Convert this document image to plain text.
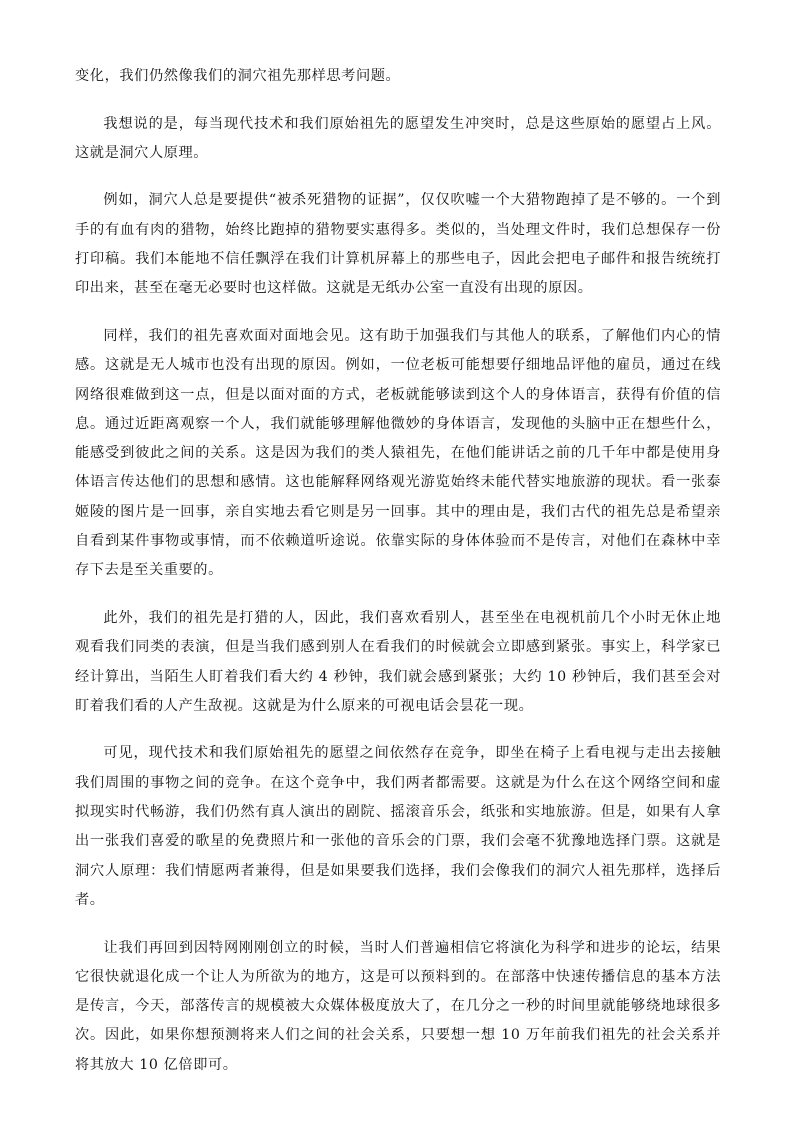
变化，我们仍然像我们的洞穴祖先那样思考问题。

我想说的是，每当现代技术和我们原始祖先的愿望发生冲突时，总是这些原始的愿望占上风。这就是洞穴人原理。

例如，洞穴人总是要提供“被杀死猎物的证据”，仅仅吹嘘一个大猎物跑掉了是不够的。一个到手的有血有肉的猎物，始终比跑掉的猎物要实惠得多。类似的，当处理文件时，我们总想保存一份打印稿。我们本能地不信任飘浮在我们计算机屏幕上的那些电子，因此会把电子邮件和报告统统打印出来，甚至在毫无必要时也这样做。这就是无纸办公室一直没有出现的原因。

同样，我们的祖先喜欢面对面地会见。这有助于加强我们与其他人的联系，了解他们内心的情感。这就是无人城市也没有出现的原因。例如，一位老板可能想要仔细地品评他的雇员，通过在线网络很难做到这一点，但是以面对面的方式，老板就能够读到这个人的身体语言，获得有价值的信息。通过近距离观察一个人，我们就能够理解他微妙的身体语言，发现他的头脑中正在想些什么，能感受到彼此之间的关系。这是因为我们的类人猿祖先，在他们能讲话之前的几千年中都是使用身体语言传达他们的思想和感情。这也能解释网络观光游览始终未能代替实地旅游的现状。看一张泰姬陵的图片是一回事，亲自实地去看它则是另一回事。其中的理由是，我们古代的祖先总是希望亲自看到某件事物或事情，而不依赖道听途说。依靠实际的身体体验而不是传言，对他们在森林中幸存下去是至关重要的。

此外，我们的祖先是打猎的人，因此，我们喜欢看别人，甚至坐在电视机前几个小时无休止地观看我们同类的表演，但是当我们感到别人在看我们的时候就会立即感到紧张。事实上，科学家已经计算出，当陌生人盯着我们看大约 4 秒钟，我们就会感到紧张；大约 10 秒钟后，我们甚至会对盯着我们看的人产生敌视。这就是为什么原来的可视电话会昙花一现。

可见，现代技术和我们原始祖先的愿望之间依然存在竞争，即坐在椅子上看电视与走出去接触我们周围的事物之间的竞争。在这个竞争中，我们两者都需要。这就是为什么在这个网络空间和虚拟现实时代畅游，我们仍然有真人演出的剧院、摇滚音乐会，纸张和实地旅游。但是，如果有人拿出一张我们喜爱的歌星的免费照片和一张他的音乐会的门票，我们会毫不犹豫地选择门票。这就是洞穴人原理：我们情愿两者兼得，但是如果要我们选择，我们会像我们的洞穴人祖先那样，选择后者。

让我们再回到因特网刚刚创立的时候，当时人们普遍相信它将演化为科学和进步的论坛，结果它很快就退化成一个让人为所欲为的地方，这是可以预料到的。在部落中快速传播信息的基本方法是传言，今天，部落传言的规模被大众媒体极度放大了，在几分之一秒的时间里就能够绕地球很多次。因此，如果你想预测将来人们之间的社会关系，只要想一想 10 万年前我们祖先的社会关系并将其放大 10 亿倍即可。
